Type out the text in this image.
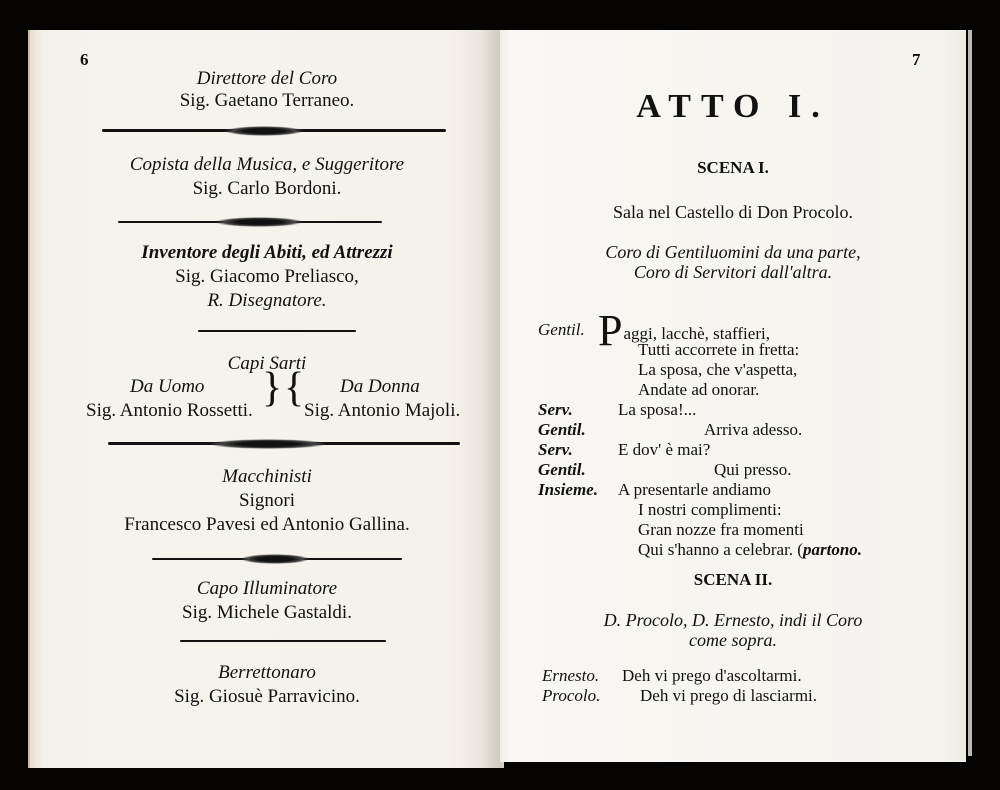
6
Direttore del Coro
Sig. Gaetano Terraneo.
Copista della Musica, e Suggeritore
Sig. Carlo Bordoni.
Inventore degli Abiti, ed Attrezzi
Sig. Giacomo Preliasco,
R. Disegnatore.
Capi Sarti
Da Uomo
Sig. Antonio Rossetti. } { Da Donna
Sig. Antonio Majoli.
Macchinisti
Signori
Francesco Pavesi ed Antonio Gallina.
Capo Illuminatore
Sig. Michele Gastaldi.
Berrettonaro
Sig. Giosuè Parravicino.
7
ATTO I.
SCENA I.
Sala nel Castello di Don Procolo.
Coro di Gentiluomini da una parte,
Coro di Servitori dall'altra.
Gentil. Paggi, lacchè, staffieri,
Tutti accorrete in fretta:
La sposa, che v'aspetta,
Andate ad onorar.
Serv.	La sposa!...
Gentil.	Arriva adesso.
Serv.	E dov' è mai?
Gentil.	Qui presso.
Insieme. A presentarle andiamo
I nostri complimenti:
Gran nozze fra momenti
Qui s'hanno a celebrar. (partono.
SCENA II.
D. Procolo, D. Ernesto, indi il Coro
come sopra.
Ernesto. Deh vi prego d'ascoltarmi.
Procolo. Deh vi prego di lasciarmi.
